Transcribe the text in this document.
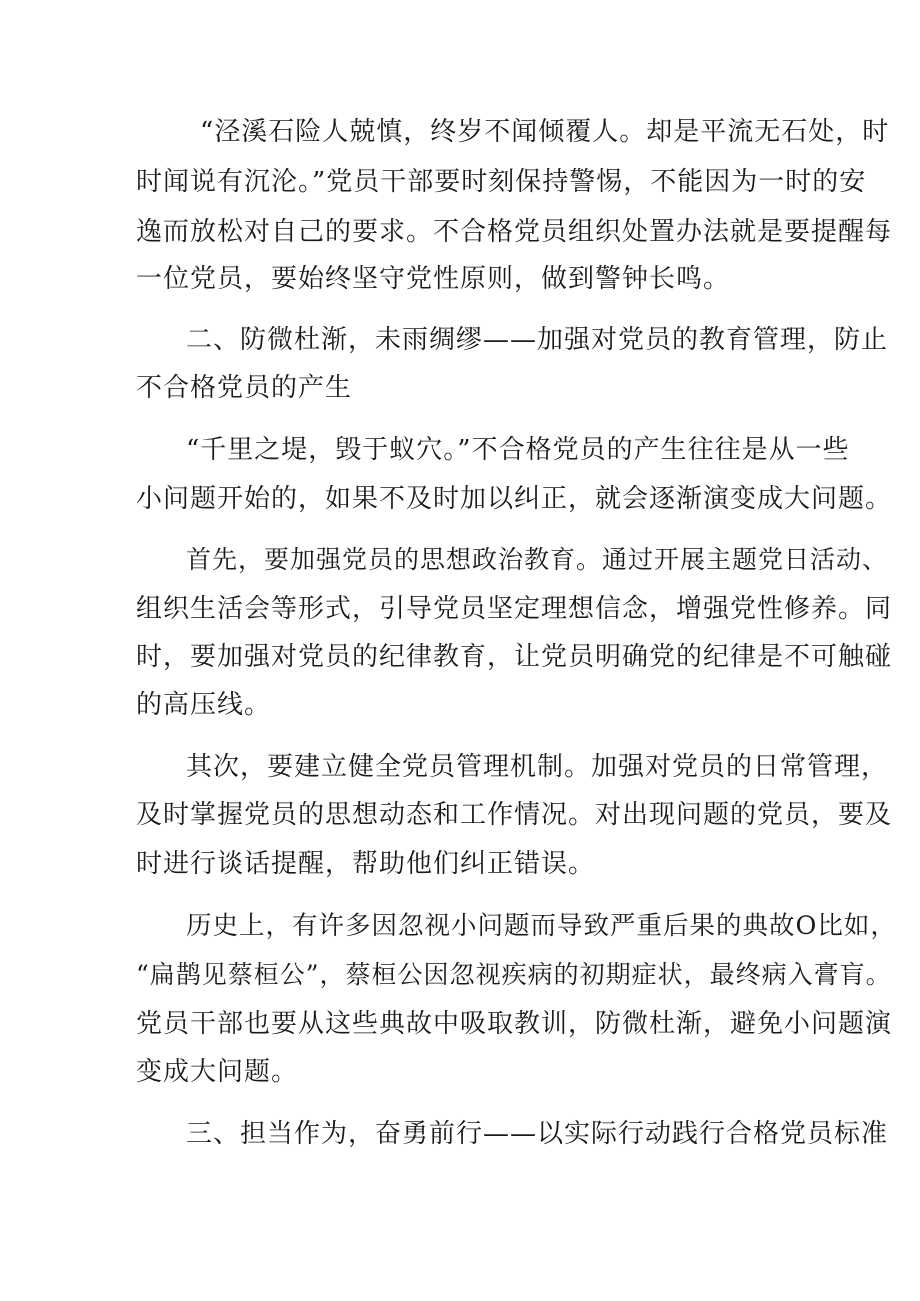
“泾溪石险人兢慎，终岁不闻倾覆人。却是平流无石处，时
时闻说有沉沦。”党员干部要时刻保持警惕，不能因为一时的安
逸而放松对自己的要求。不合格党员组织处置办法就是要提醒每
一位党员，要始终坚守党性原则，做到警钟长鸣。
二、防微杜渐，未雨绸缪——加强对党员的教育管理，防止
不合格党员的产生
“千里之堤，毁于蚁穴。”不合格党员的产生往往是从一些
小问题开始的，如果不及时加以纠正，就会逐渐演变成大问题。
首先，要加强党员的思想政治教育。通过开展主题党日活动、
组织生活会等形式，引导党员坚定理想信念，增强党性修养。同
时，要加强对党员的纪律教育，让党员明确党的纪律是不可触碰
的高压线。
其次，要建立健全党员管理机制。加强对党员的日常管理，
及时掌握党员的思想动态和工作情况。对出现问题的党员，要及
时进行谈话提醒，帮助他们纠正错误。
历史上，有许多因忽视小问题而导致严重后果的典故O比如，
“扁鹊见蔡桓公”，蔡桓公因忽视疾病的初期症状，最终病入膏肓。
党员干部也要从这些典故中吸取教训，防微杜渐，避免小问题演
变成大问题。
三、担当作为，奋勇前行——以实际行动践行合格党员标准
